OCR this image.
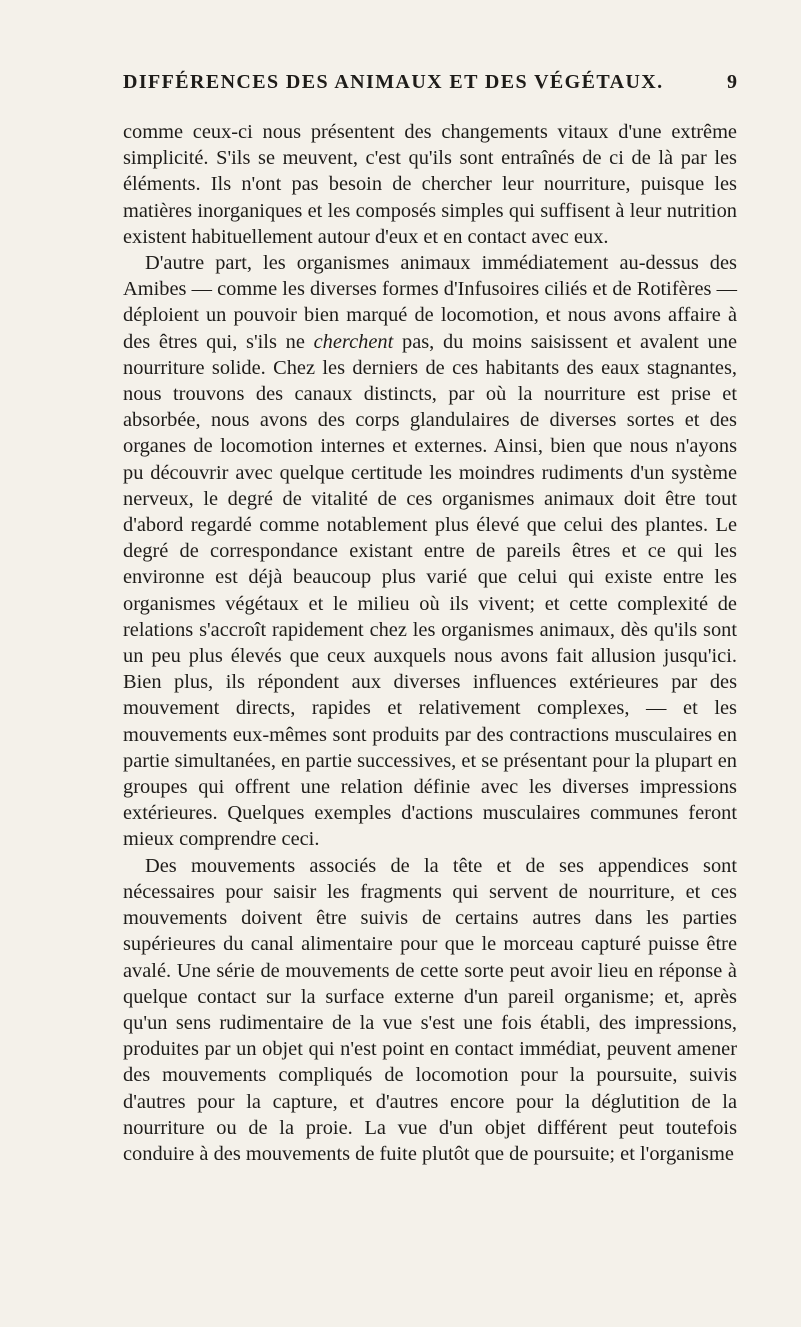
DIFFÉRENCES DES ANIMAUX ET DES VÉGÉTAUX.	9

comme ceux-ci nous présentent des changements vitaux d'une extrême simplicité. S'ils se meuvent, c'est qu'ils sont entraînés de ci de là par les éléments. Ils n'ont pas besoin de chercher leur nourriture, puisque les matières inorganiques et les composés simples qui suffisent à leur nutrition existent habituellement autour d'eux et en contact avec eux.

D'autre part, les organismes animaux immédiatement au-dessus des Amibes — comme les diverses formes d'Infusoires ciliés et de Rotifères — déploient un pouvoir bien marqué de locomotion, et nous avons affaire à des êtres qui, s'ils ne cherchent pas, du moins saisissent et avalent une nourriture solide. Chez les derniers de ces habitants des eaux stagnantes, nous trouvons des canaux distincts, par où la nourriture est prise et absorbée, nous avons des corps glandulaires de diverses sortes et des organes de locomotion internes et externes. Ainsi, bien que nous n'ayons pu découvrir avec quelque certitude les moindres rudiments d'un système nerveux, le degré de vitalité de ces organismes animaux doit être tout d'abord regardé comme notablement plus élevé que celui des plantes. Le degré de correspondance existant entre de pareils êtres et ce qui les environne est déjà beaucoup plus varié que celui qui existe entre les organismes végétaux et le milieu où ils vivent; et cette complexité de relations s'accroît rapidement chez les organismes animaux, dès qu'ils sont un peu plus élevés que ceux auxquels nous avons fait allusion jusqu'ici. Bien plus, ils répondent aux diverses influences extérieures par des mouvement directs, rapides et relativement complexes, — et les mouvements eux-mêmes sont produits par des contractions musculaires en partie simultanées, en partie successives, et se présentant pour la plupart en groupes qui offrent une relation définie avec les diverses impressions extérieures. Quelques exemples d'actions musculaires communes feront mieux comprendre ceci.

Des mouvements associés de la tête et de ses appendices sont nécessaires pour saisir les fragments qui servent de nourriture, et ces mouvements doivent être suivis de certains autres dans les parties supérieures du canal alimentaire pour que le morceau capturé puisse être avalé. Une série de mouvements de cette sorte peut avoir lieu en réponse à quelque contact sur la surface externe d'un pareil organisme; et, après qu'un sens rudimentaire de la vue s'est une fois établi, des impressions, produites par un objet qui n'est point en contact immédiat, peuvent amener des mouvements compliqués de locomotion pour la poursuite, suivis d'autres pour la capture, et d'autres encore pour la déglutition de la nourriture ou de la proie. La vue d'un objet différent peut toutefois conduire à des mouvements de fuite plutôt que de poursuite; et l'organisme
